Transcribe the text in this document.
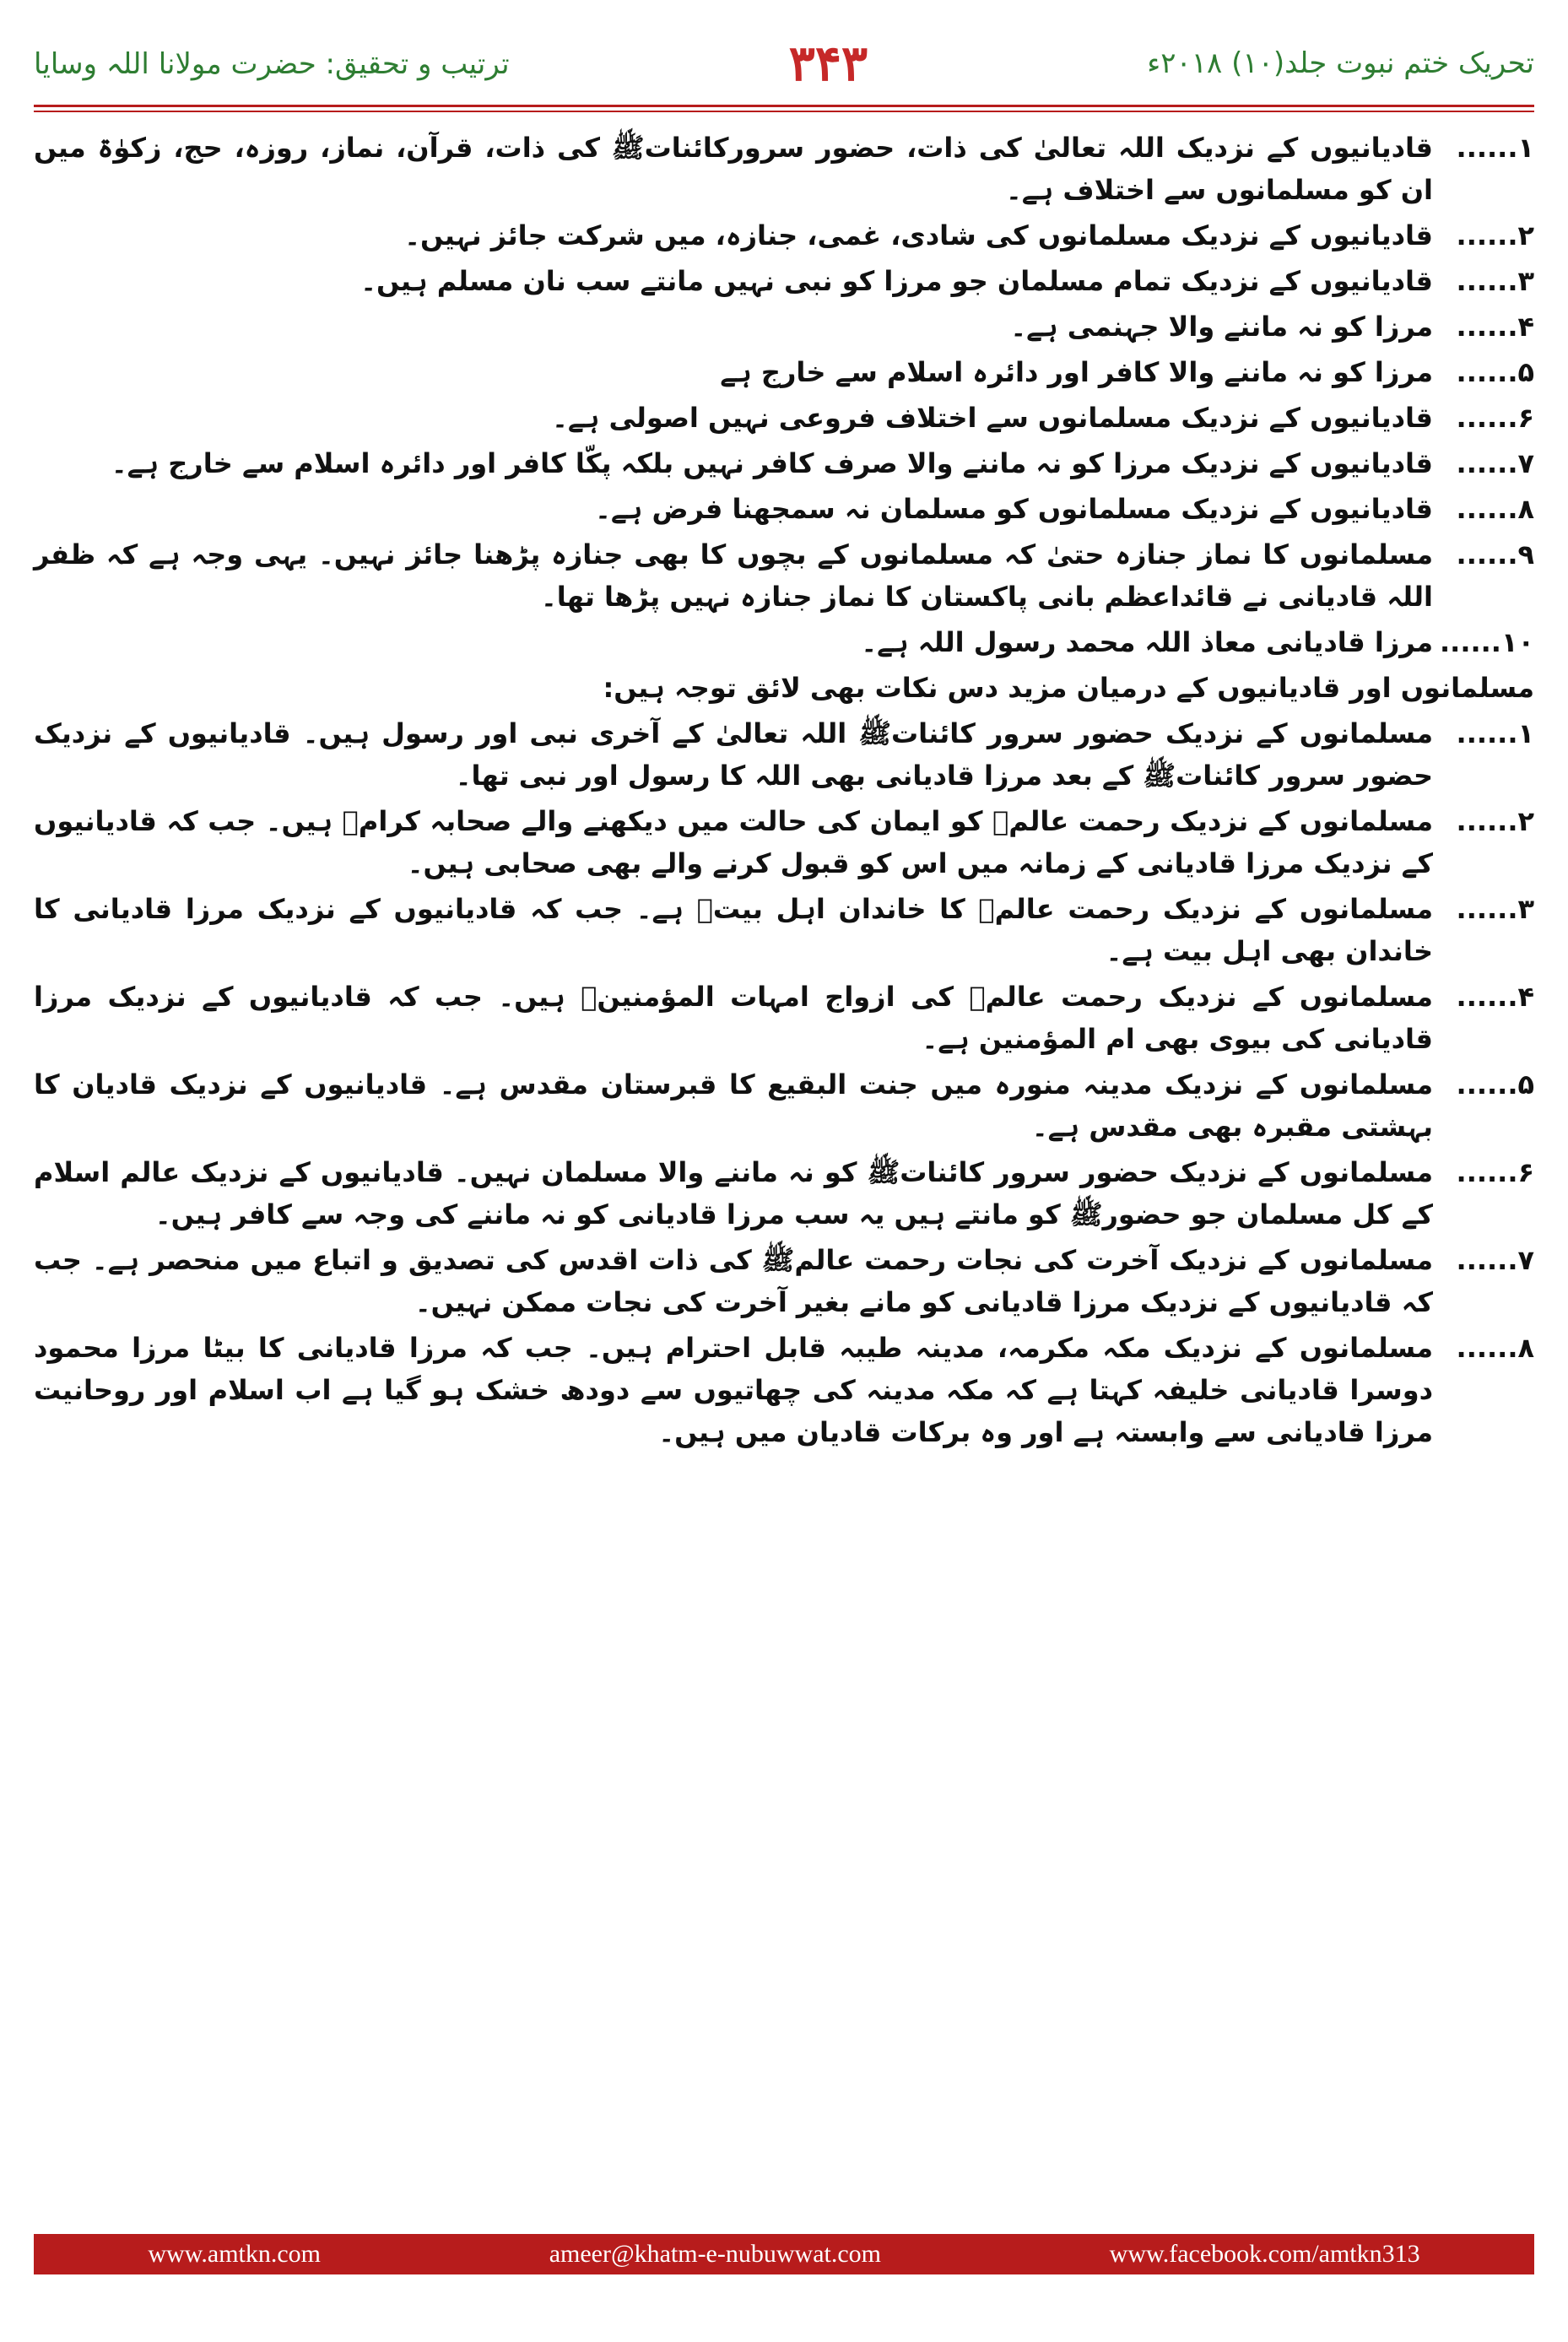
ترتیب و تحقیق: حضرت مولانا اللہ وسایا	۳۴۳	تحریک ختم نبوت جلد(۱۰) ۲۰۱۸ء
۱......
قادیانیوں کے نزدیک اللہ تعالیٰ کی ذات، حضور سرورکائناتﷺ کی ذات، قرآن، نماز، روزہ، حج، زکوٰۃ میں ان کو مسلمانوں سے اختلاف ہے۔
۲......
قادیانیوں کے نزدیک مسلمانوں کی شادی، غمی، جنازہ، میں شرکت جائز نہیں۔
۳......
قادیانیوں کے نزدیک تمام مسلمان جو مرزا کو نبی نہیں مانتے سب نان مسلم ہیں۔
۴......
مرزا کو نہ ماننے والا جہنمی ہے۔
۵......
مرزا کو نہ ماننے والا کافر اور دائرہ اسلام سے خارج ہے
۶......
قادیانیوں کے نزدیک مسلمانوں سے اختلاف فروعی نہیں اصولی ہے۔
۷......
قادیانیوں کے نزدیک مرزا کو نہ ماننے والا صرف کافر نہیں بلکہ پکّا کافر اور دائرہ اسلام سے خارج ہے۔
۸......
قادیانیوں کے نزدیک مسلمانوں کو مسلمان نہ سمجھنا فرض ہے۔
۹......
مسلمانوں کا نماز جنازہ حتیٰ کہ مسلمانوں کے بچوں کا بھی جنازہ پڑھنا جائز نہیں۔ یہی وجہ ہے کہ ظفر اللہ قادیانی نے قائداعظم بانی پاکستان کا نماز جنازہ نہیں پڑھا تھا۔
۱۰......
مرزا قادیانی معاذ اللہ محمد رسول اللہ ہے۔
مسلمانوں اور قادیانیوں کے درمیان مزید دس نکات بھی لائق توجہ ہیں:
۱......
مسلمانوں کے نزدیک حضور سرور کائناتﷺ اللہ تعالیٰ کے آخری نبی اور رسول ہیں۔ قادیانیوں کے نزدیک حضور سرور کائناتﷺ کے بعد مرزا قادیانی بھی اللہ کا رسول اور نبی تھا۔
۲......
مسلمانوں کے نزدیک رحمت عالمﷺ کو ایمان کی حالت میں دیکھنے والے صحابہ کرامؓ ہیں۔ جب کہ قادیانیوں کے نزدیک مرزا قادیانی کے زمانہ میں اس کو قبول کرنے والے بھی صحابی ہیں۔
۳......
مسلمانوں کے نزدیک رحمت عالمﷺ کا خاندان اہل بیتؓ ہے۔ جب کہ قادیانیوں کے نزدیک مرزا قادیانی کا خاندان بھی اہل بیت ہے۔
۴......
مسلمانوں کے نزدیک رحمت عالمﷺ کی ازواج امہات المؤمنینؓ ہیں۔ جب کہ قادیانیوں کے نزدیک مرزا قادیانی کی بیوی بھی ام المؤمنین ہے۔
۵......
مسلمانوں کے نزدیک مدینہ منورہ میں جنت البقیع کا قبرستان مقدس ہے۔ قادیانیوں کے نزدیک قادیان کا بہشتی مقبرہ بھی مقدس ہے۔
۶......
مسلمانوں کے نزدیک حضور سرور کائناتﷺ کو نہ ماننے والا مسلمان نہیں۔ قادیانیوں کے نزدیک عالم اسلام کے کل مسلمان جو حضورﷺ کو مانتے ہیں یہ سب مرزا قادیانی کو نہ ماننے کی وجہ سے کافر ہیں۔
۷......
مسلمانوں کے نزدیک آخرت کی نجات رحمت عالمﷺ کی ذات اقدس کی تصدیق و اتباع میں منحصر ہے۔ جب کہ قادیانیوں کے نزدیک مرزا قادیانی کو مانے بغیر آخرت کی نجات ممکن نہیں۔
۸......
مسلمانوں کے نزدیک مکہ مکرمہ، مدینہ طیبہ قابل احترام ہیں۔ جب کہ مرزا قادیانی کا بیٹا مرزا محمود دوسرا قادیانی خلیفہ کہتا ہے کہ مکہ مدینہ کی چھاتیوں سے دودھ خشک ہو گیا ہے اب اسلام اور روحانیت مرزا قادیانی سے وابستہ ہے اور وہ برکات قادیان میں ہیں۔
www.amtkn.com	ameer@khatm-e-nubuwwat.com	www.facebook.com/amtkn313
